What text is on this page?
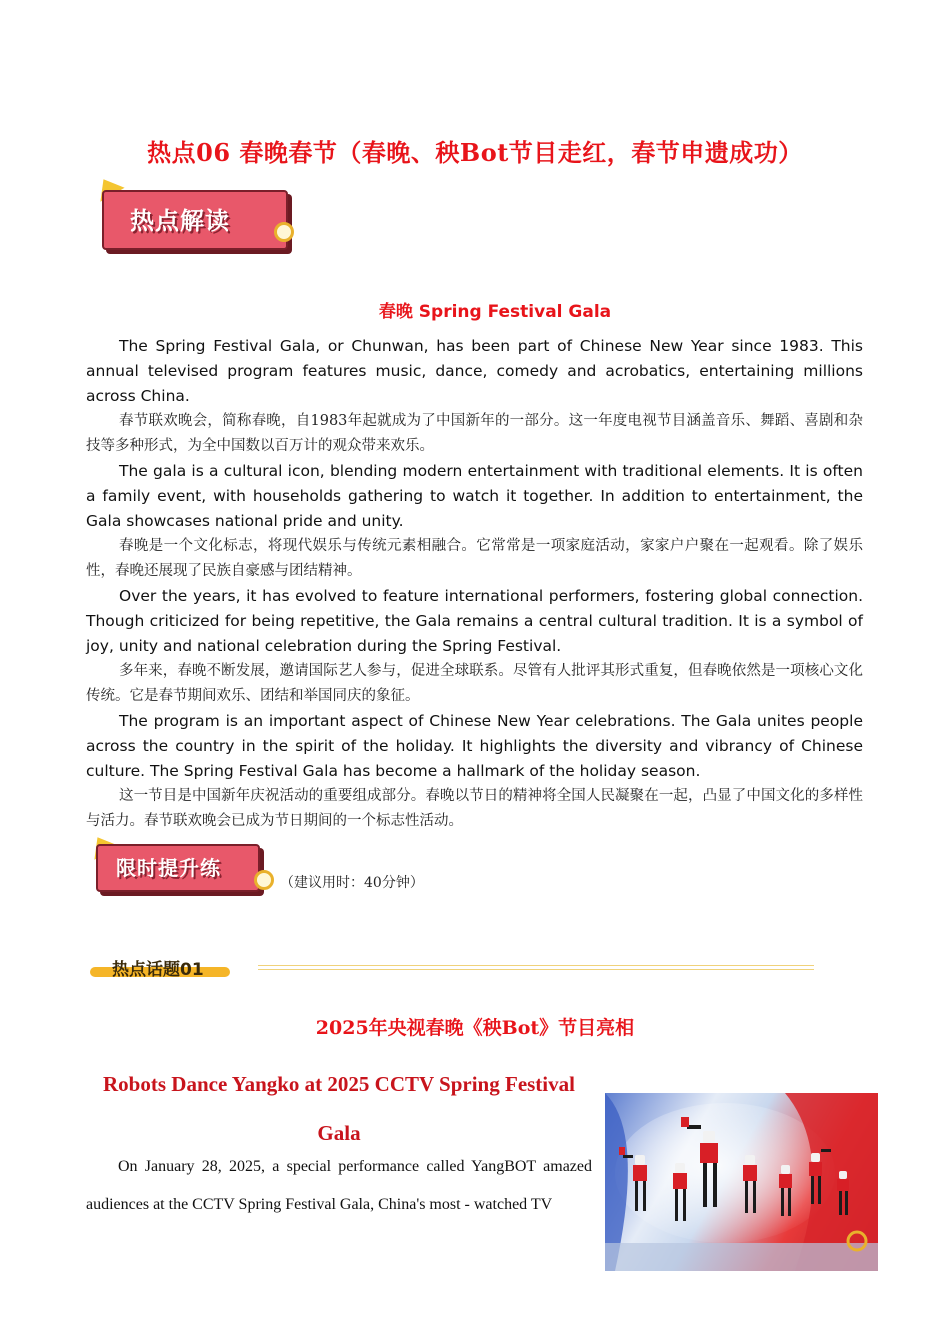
热点06 春晚春节（春晚、秧Bot节目走红，春节申遗成功）
热点解读
春晚 Spring Festival Gala

The Spring Festival Gala, or Chunwan, has been part of Chinese New Year since 1983. This annual televised program features music, dance, comedy and acrobatics, entertaining millions across China.

春节联欢晚会，简称春晚，自1983年起就成为了中国新年的一部分。这一年度电视节目涵盖音乐、舞蹈、喜剧和杂技等多种形式，为全中国数以百万计的观众带来欢乐。

The gala is a cultural icon, blending modern entertainment with traditional elements. It is often a family event, with households gathering to watch it together. In addition to entertainment, the Gala showcases national pride and unity.

春晚是一个文化标志，将现代娱乐与传统元素相融合。它常常是一项家庭活动，家家户户聚在一起观看。除了娱乐性，春晚还展现了民族自豪感与团结精神。

Over the years, it has evolved to feature international performers, fostering global connection. Though criticized for being repetitive, the Gala remains a central cultural tradition. It is a symbol of joy, unity and national celebration during the Spring Festival.

多年来，春晚不断发展，邀请国际艺人参与，促进全球联系。尽管有人批评其形式重复，但春晚依然是一项核心文化传统。它是春节期间欢乐、团结和举国同庆的象征。

The program is an important aspect of Chinese New Year celebrations. The Gala unites people across the country in the spirit of the holiday. It highlights the diversity and vibrancy of Chinese culture. The Spring Festival Gala has become a hallmark of the holiday season.

这一节目是中国新年庆祝活动的重要组成部分。春晚以节日的精神将全国人民凝聚在一起，凸显了中国文化的多样性与活力。春节联欢晚会已成为节日期间的一个标志性活动。

限时提升练
（建议用时：40分钟）
热点话题01
2025年央视春晚《秧Bot》节目亮相
Robots Dance Yangko at 2025 CCTV Spring Festival Gala

On January 28, 2025, a special performance called YangBOT amazed audiences at the CCTV Spring Festival Gala, China's most - watched TV
